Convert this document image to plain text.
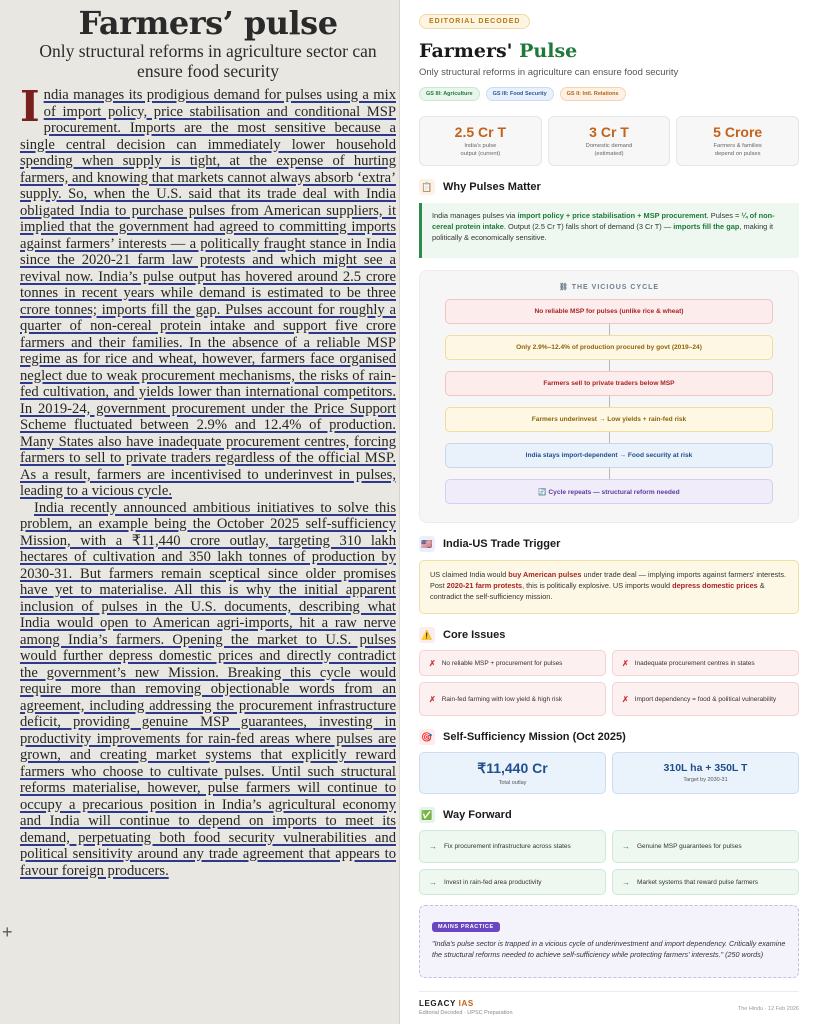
Farmers’ pulse
Only structural reforms in agriculture sector can ensure food security

India manages its prodigious demand for pulses using a mix of import policy, price stabilisation and conditional MSP procurement. Imports are the most sensitive because a single central decision can immediately lower household spending when supply is tight, at the expense of hurting farmers, and knowing that markets cannot always absorb ‘extra’ supply. So, when the U.S. said that its trade deal with India obligated India to purchase pulses from American suppliers, it implied that the government had agreed to committing imports against farmers’ interests — a politically fraught stance in India since the 2020-21 farm law protests and which might see a revival now. India’s pulse output has hovered around 2.5 crore tonnes in recent years while demand is estimated to be three crore tonnes; imports fill the gap. Pulses account for roughly a quarter of non-cereal protein intake and support five crore farmers and their families. In the absence of a reliable MSP regime as for rice and wheat, however, farmers face organised neglect due to weak procurement mechanisms, the risks of rain-fed cultivation, and yields lower than international competitors. In 2019-24, government procurement under the Price Support Scheme fluctuated between 2.9% and 12.4% of production. Many States also have inadequate procurement centres, forcing farmers to sell to private traders regardless of the official MSP. As a result, farmers are incentivised to underinvest in pulses, leading to a vicious cycle.

India recently announced ambitious initiatives to solve this problem, an example being the October 2025 self-sufficiency Mission, with a ₹11,440 crore outlay, targeting 310 lakh hectares of cultivation and 350 lakh tonnes of production by 2030-31. But farmers remain sceptical since older promises have yet to materialise. All this is why the initial apparent inclusion of pulses in the U.S. documents, describing what India would open to American agri-imports, hit a raw nerve among India’s farmers. Opening the market to U.S. pulses would further depress domestic prices and directly contradict the government’s new Mission. Breaking this cycle would require more than removing objectionable words from an agreement, including addressing the procurement infrastructure deficit, providing genuine MSP guarantees, investing in productivity improvements for rain-fed areas where pulses are grown, and creating market systems that explicitly reward farmers who choose to cultivate pulses. Until such structural reforms materialise, however, pulse farmers will continue to occupy a precarious position in India’s agricultural economy and India will continue to depend on imports to meet its demand, perpetuating both food security vulnerabilities and political sensitivity around any trade agreement that appears to favour foreign producers.

+
EDITORIAL DECODED
Farmers' Pulse
Only structural reforms in agriculture can ensure food security
GS III: Agriculture	GS III: Food Security	GS II: Intl. Relations
2.5 Cr T
India's pulse
output (current)
3 Cr T
Domestic demand
(estimated)
5 Crore
Farmers & families
depend on pulses
📋 Why Pulses Matter
India manages pulses via import policy + price stabilisation + MSP procurement. Pulses = ¼ of non-cereal protein intake. Output (2.5 Cr T) falls short of demand (3 Cr T) — imports fill the gap, making it politically & economically sensitive.
⛓ THE VICIOUS CYCLE
No reliable MSP for pulses (unlike rice & wheat)
Only 2.9%–12.4% of production procured by govt (2019–24)
Farmers sell to private traders below MSP
Farmers underinvest → Low yields + rain-fed risk
India stays import-dependent → Food security at risk
🔄 Cycle repeats — structural reform needed
🇺🇸 India-US Trade Trigger
US claimed India would buy American pulses under trade deal — implying imports against farmers' interests. Post 2020-21 farm protests, this is politically explosive. US imports would depress domestic prices & contradict the self-sufficiency mission.
⚠️ Core Issues
✗ No reliable MSP + procurement for pulses	✗ Inadequate procurement centres in states
✗ Rain-fed farming with low yield & high risk	✗ Import dependency = food & political vulnerability
🎯 Self-Sufficiency Mission (Oct 2025)
₹11,440 Cr
Total outlay
310L ha + 350L T
Target by 2030-31
✅ Way Forward
→ Fix procurement infrastructure across states	→ Genuine MSP guarantees for pulses
→ Invest in rain-fed area productivity	→ Market systems that reward pulse farmers
MAINS PRACTICE
"India's pulse sector is trapped in a vicious cycle of underinvestment and import dependency. Critically examine the structural reforms needed to achieve self-sufficiency while protecting farmers' interests." (250 words)
LEGACY IAS
Editorial Decoded · UPSC Preparation
The Hindu · 12 Feb 2026
